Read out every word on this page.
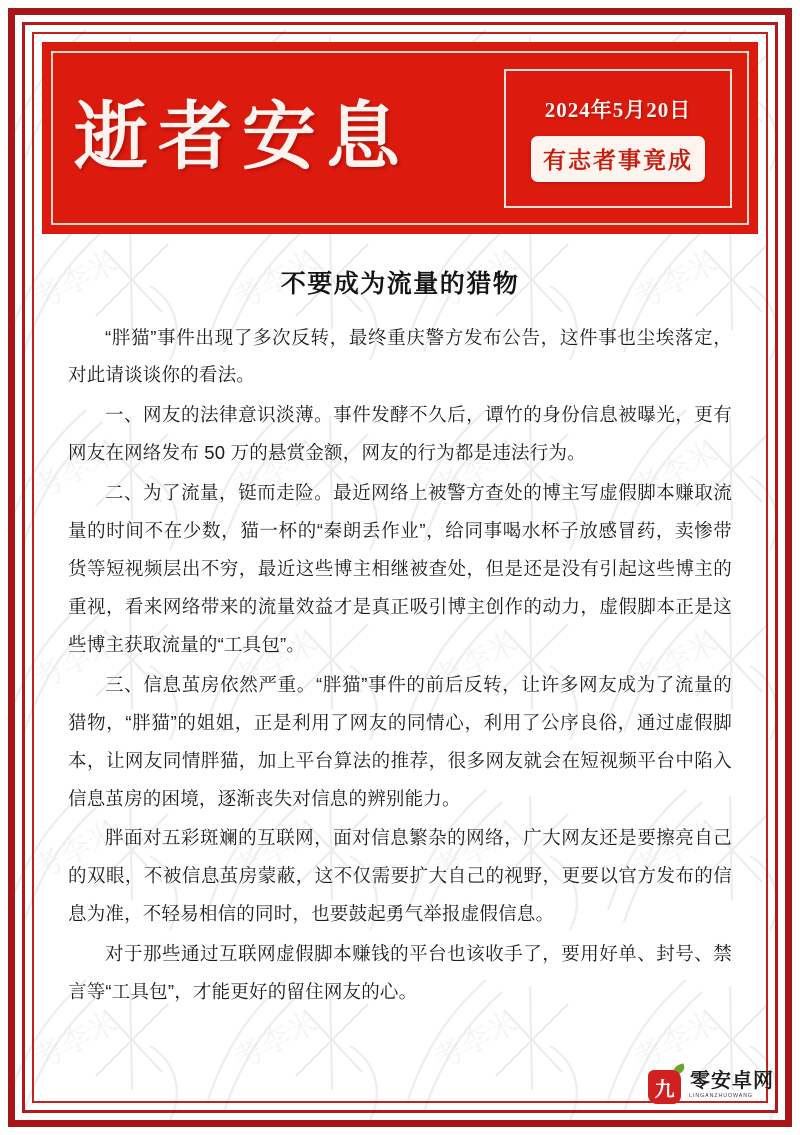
逝者安息	2024年5月20日
有志者事竟成
不要成为流量的猎物

“胖猫”事件出现了多次反转，最终重庆警方发布公告，这件事也尘埃落定，对此请谈谈你的看法。

一、网友的法律意识淡薄。事件发酵不久后，谭竹的身份信息被曝光，更有网友在网络发布 50 万的悬赏金额，网友的行为都是违法行为。

二、为了流量，铤而走险。最近网络上被警方查处的博主写虚假脚本赚取流量的时间不在少数，猫一杯的“秦朗丢作业”，给同事喝水杯子放感冒药，卖惨带货等短视频层出不穷，最近这些博主相继被查处，但是还是没有引起这些博主的重视，看来网络带来的流量效益才是真正吸引博主创作的动力，虚假脚本正是这些博主获取流量的“工具包”。

三、信息茧房依然严重。“胖猫”事件的前后反转，让许多网友成为了流量的猎物，“胖猫”的姐姐，正是利用了网友的同情心，利用了公序良俗，通过虚假脚本，让网友同情胖猫，加上平台算法的推荐，很多网友就会在短视频平台中陷入信息茧房的困境，逐渐丧失对信息的辨别能力。

胖面对五彩斑斓的互联网，面对信息繁杂的网络，广大网友还是要擦亮自己的双眼，不被信息茧房蒙蔽，这不仅需要扩大自己的视野，更要以官方发布的信息为准，不轻易相信的同时，也要鼓起勇气举报虚假信息。

对于那些通过互联网虚假脚本赚钱的平台也该收手了，要用好单、封号、禁言等“工具包”，才能更好的留住网友的心。

九 零安卓网
LINGANZHUOWANG
